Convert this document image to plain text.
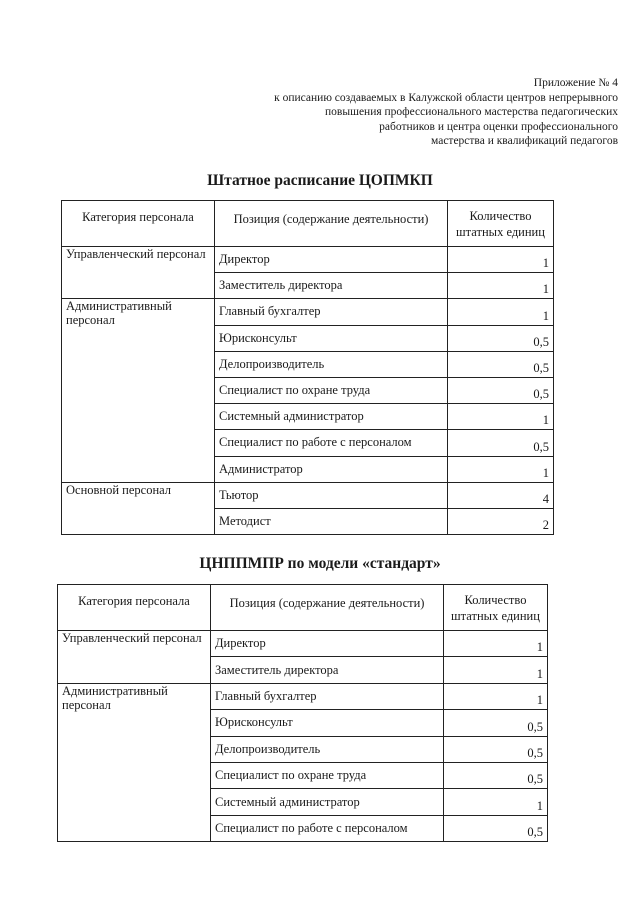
Приложение № 4
к описанию создаваемых в Калужской области центров непрерывного
повышения профессионального мастерства педагогических
работников и центра оценки профессионального
мастерства и квалификаций педагогов
Штатное расписание ЦОПМКП
Категория персонала	Позиция (содержание деятельности)	Количество штатных единиц
Управленческий персонал	Директор	1
	Заместитель директора	1
Административный персонал	Главный бухгалтер	1
	Юрисконсульт	0,5
	Делопроизводитель	0,5
	Специалист по охране труда	0,5
	Системный администратор	1
	Специалист по работе с персоналом	0,5
	Администратор	1
Основной персонал	Тьютор	4
	Методист	2
ЦНППМПР по модели «стандарт»
Категория персонала	Позиция (содержание деятельности)	Количество штатных единиц
Управленческий персонал	Директор	1
	Заместитель директора	1
Административный персонал	Главный бухгалтер	1
	Юрисконсульт	0,5
	Делопроизводитель	0,5
	Специалист по охране труда	0,5
	Системный администратор	1
	Специалист по работе с персоналом	0,5
